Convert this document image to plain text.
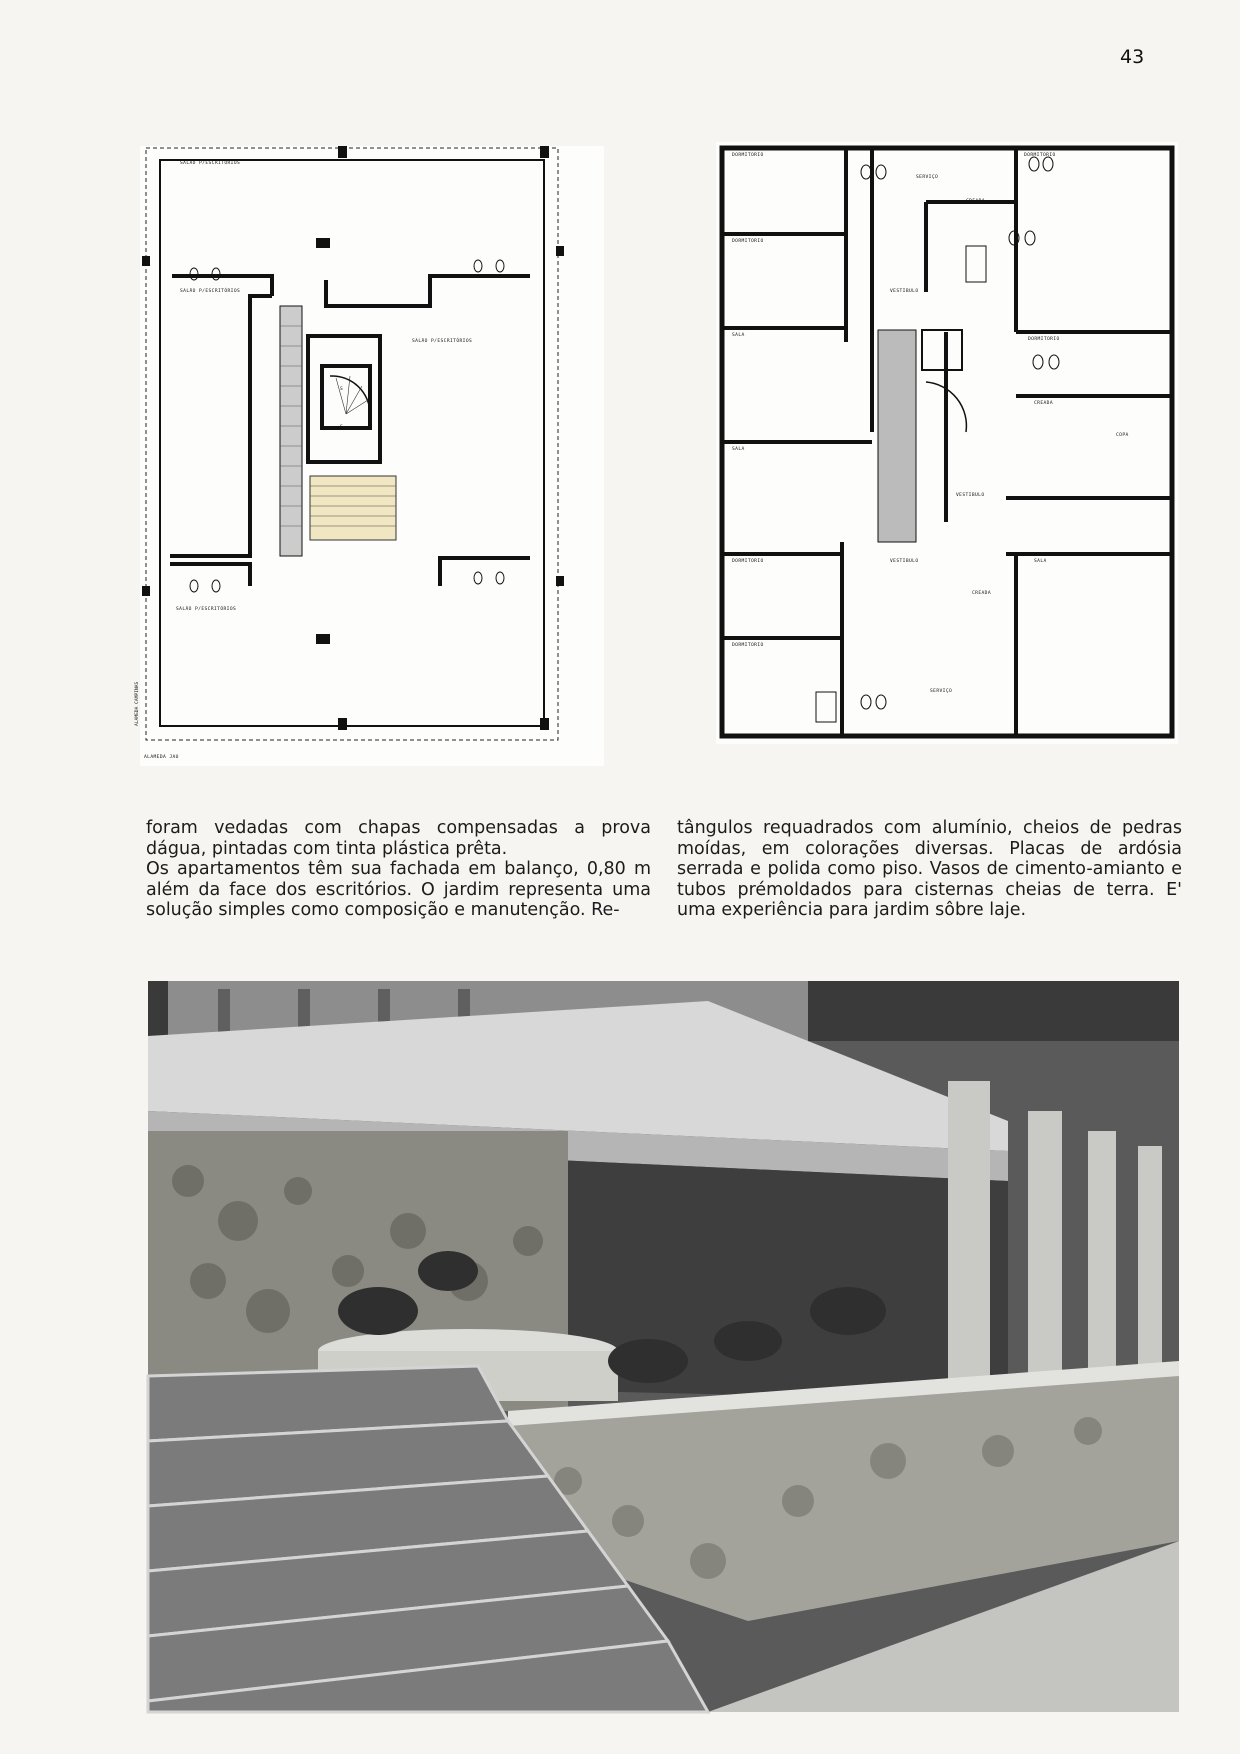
43
SALÃO P/ESCRITÓRIOS
SALÃO P/ESCRITÓRIOS
SALÃO P/ESCRITÓRIOS
SALÃO P/ESCRITÓRIOS
S
S
ALAMEDA JAU
ALAMEDA CAMPINAS
DORMITORIO
DORMITORIO
SALA
SALA
DORMITORIO
DORMITORIO
SERVIÇO
DORMITORIO
CREADA
VESTIBULO
DORMITORIO
CREADA
COPA
VESTIBULO
SALA
VESTIBULO
CREADA
SERVIÇO

foram vedadas com chapas compensadas a prova dágua, pintadas com tinta plástica prêta.

Os apartamentos têm sua fachada em balanço, 0,80 m além da face dos escritórios. O jardim representa uma solução simples como composição e manutenção. Re-

tângulos requadrados com alumínio, cheios de pedras moídas, em colorações diversas. Placas de ardósia serrada e polida como piso. Vasos de cimento-amianto e tubos prémoldados para cisternas cheias de terra. E' uma experiência para jardim sôbre laje.
